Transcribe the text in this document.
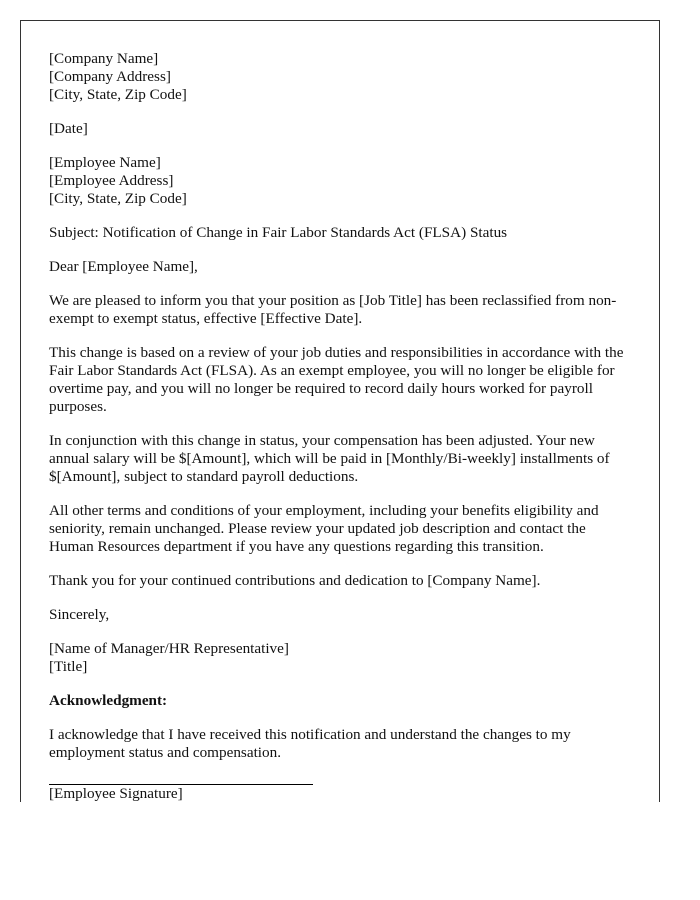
[Company Name]
[Company Address]
[City, State, Zip Code]

[Date]

[Employee Name]
[Employee Address]
[City, State, Zip Code]

Subject: Notification of Change in Fair Labor Standards Act (FLSA) Status

Dear [Employee Name],

We are pleased to inform you that your position as [Job Title] has been reclassified from non-exempt to exempt status, effective [Effective Date].

This change is based on a review of your job duties and responsibilities in accordance with the Fair Labor Standards Act (FLSA). As an exempt employee, you will no longer be eligible for overtime pay, and you will no longer be required to record daily hours worked for payroll purposes.

In conjunction with this change in status, your compensation has been adjusted. Your new annual salary will be $[Amount], which will be paid in [Monthly/Bi-weekly] installments of $[Amount], subject to standard payroll deductions.

All other terms and conditions of your employment, including your benefits eligibility and seniority, remain unchanged. Please review your updated job description and contact the Human Resources department if you have any questions regarding this transition.

Thank you for your continued contributions and dedication to [Company Name].

Sincerely,

[Name of Manager/HR Representative]
[Title]

Acknowledgment:

I acknowledge that I have received this notification and understand the changes to my employment status and compensation.

[Employee Signature]
